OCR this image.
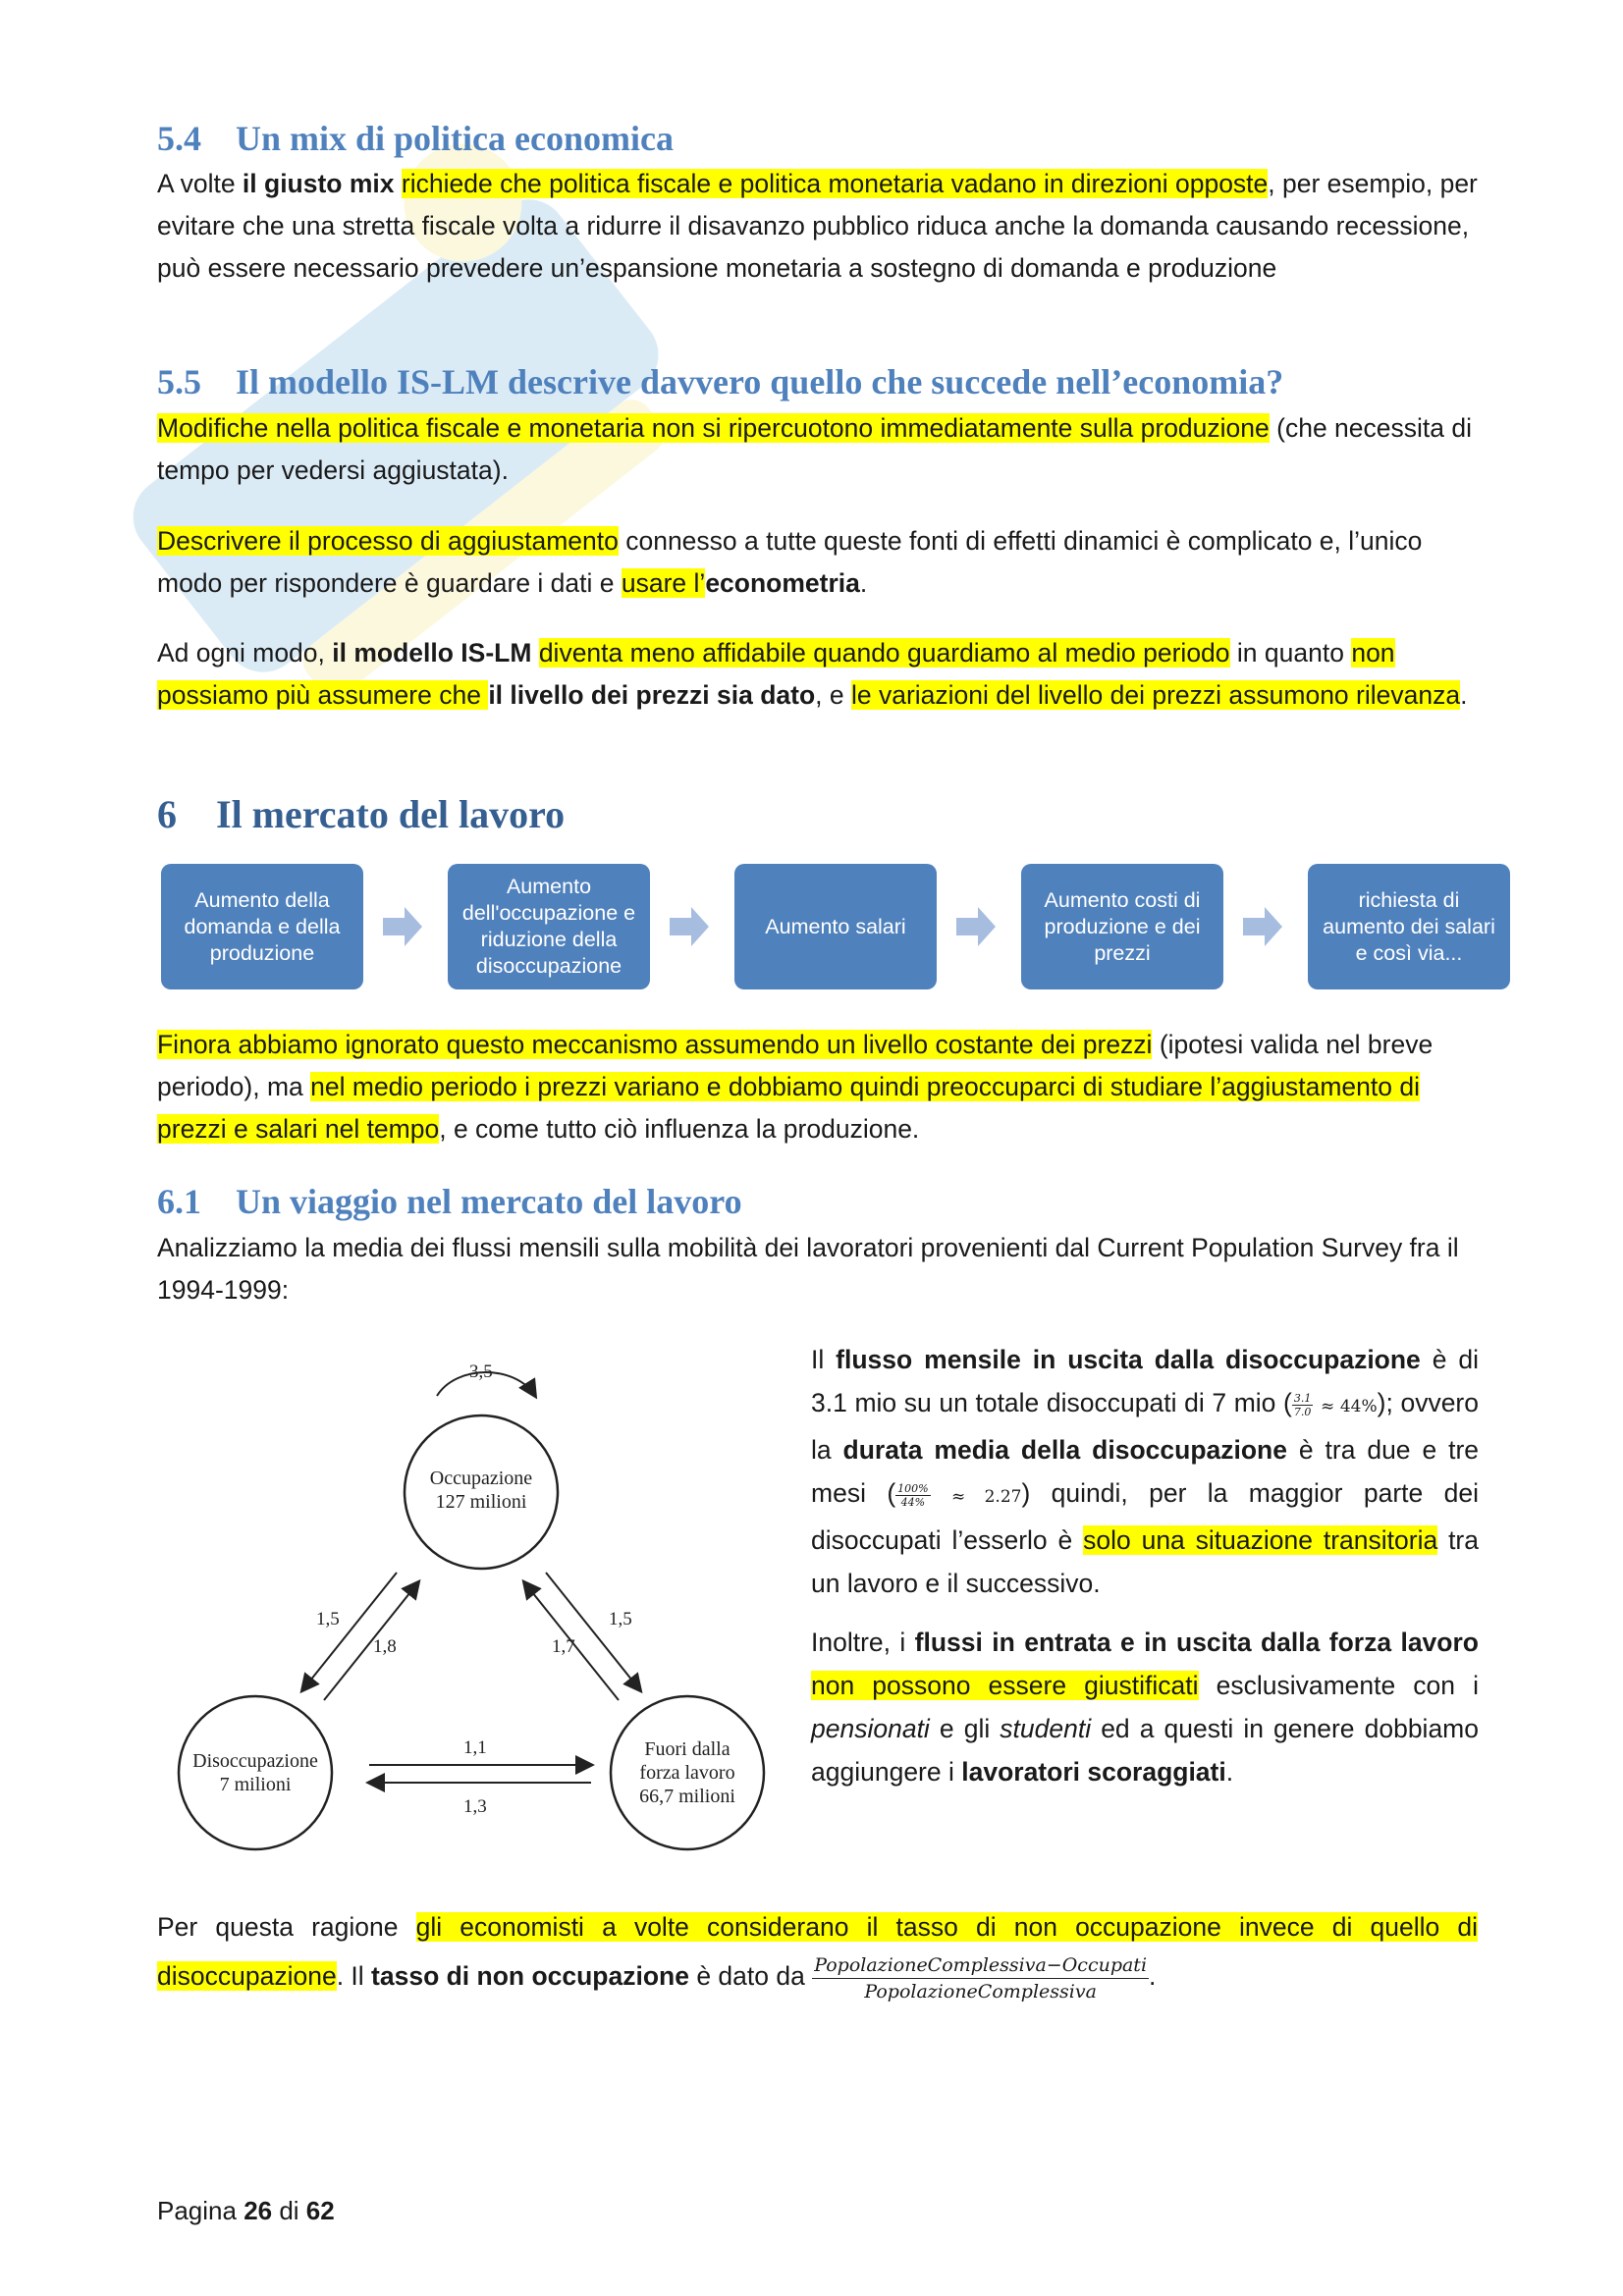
5.4 Un mix di politica economica

A volte il giusto mix richiede che politica fiscale e politica monetaria vadano in direzioni opposte, per esempio, per evitare che una stretta fiscale volta a ridurre il disavanzo pubblico riduca anche la domanda causando recessione, può essere necessario prevedere un’espansione monetaria a sostegno di domanda e produzione

5.5 Il modello IS-LM descrive davvero quello che succede nell’economia?

Modifiche nella politica fiscale e monetaria non si ripercuotono immediatamente sulla produzione (che necessita di tempo per vedersi aggiustata).

Descrivere il processo di aggiustamento connesso a tutte queste fonti di effetti dinamici è complicato e, l’unico modo per rispondere è guardare i dati e usare l’econometria.

Ad ogni modo, il modello IS-LM diventa meno affidabile quando guardiamo al medio periodo in quanto non possiamo più assumere che il livello dei prezzi sia dato, e le variazioni del livello dei prezzi assumono rilevanza.

6 Il mercato del lavoro
Aumento della domanda e della produzione
Aumento dell'occupazione e riduzione della disoccupazione
Aumento salari
Aumento costi di produzione e dei prezzi
richiesta di aumento dei salari e così via...

Finora abbiamo ignorato questo meccanismo assumendo un livello costante dei prezzi (ipotesi valida nel breve periodo), ma nel medio periodo i prezzi variano e dobbiamo quindi preoccuparci di studiare l’aggiustamento di prezzi e salari nel tempo, e come tutto ciò influenza la produzione.

6.1 Un viaggio nel mercato del lavoro

Analizziamo la media dei flussi mensili sulla mobilità dei lavoratori provenienti dal Current Population Survey fra il 1994-1999:

3,5
Occupazione
127 milioni
Disoccupazione
7 milioni
Fuori dalla
forza lavoro
66,7 milioni
1,5
1,8	1,7
1,5
1,1
1,3

Il flusso mensile in uscita dalla disoccupazione è di 3.1 mio su un totale disoccupati di 7 mio ( $\frac{3.1}{7.0} \approx 44\%$); ovvero la durata media della disoccupazione è tra due e tre mesi ( $\frac{100\%}{44\%} \approx 2.27$) quindi, per la maggior parte dei disoccupati l’esserlo è solo una situazione transitoria tra un lavoro e il successivo.

Inoltre, i flussi in entrata e in uscita dalla forza lavoro non possono essere giustificati esclusivamente con i pensionati e gli studenti ed a questi in genere dobbiamo aggiungere i lavoratori scoraggiati.

Per questa ragione gli economisti a volte considerano il tasso di non occupazione invece di quello di disoccupazione. Il tasso di non occupazione è dato da $\frac{\text{PopolazioneComplessiva−Occupati}}{\text{PopolazioneComplessiva}}$ .

Pagina 26 di 62
